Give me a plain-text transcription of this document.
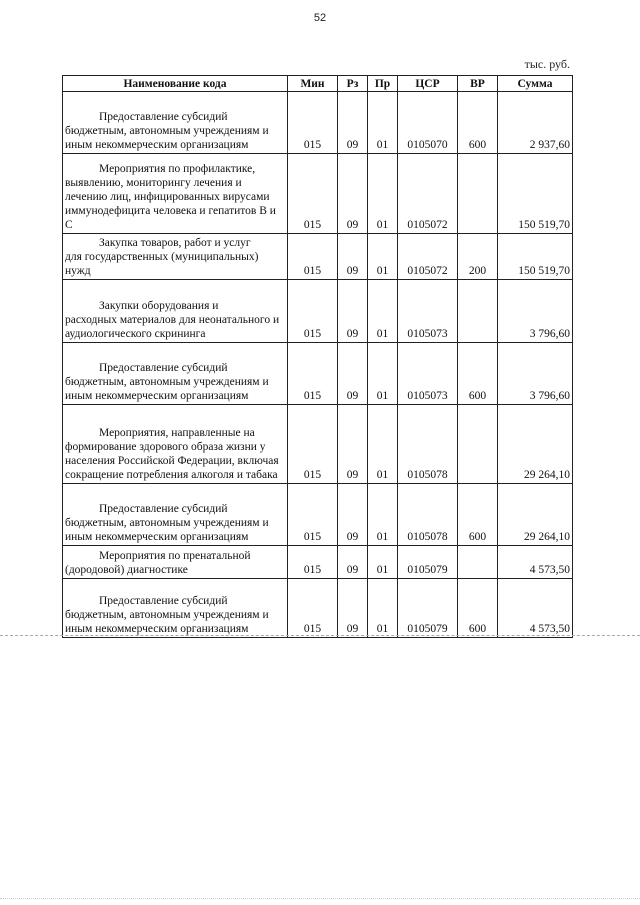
52
тыс. руб.
Наименование кода	Мин	Рз	Пр	ЦСР	ВР	Сумма

Предоставление субсидий
бюджетным, автономным учреждениям и иным некоммерческим организациям	015	09	01	0105070	600	2 937,60

Мероприятия по профилактике,
выявлению, мониторингу лечения и лечению лиц, инфицированных вирусами иммунодефицита человека и гепатитов В и С	015	09	01	0105072		150 519,70

Закупка товаров, работ и услуг
для государственных (муниципальных) нужд	015	09	01	0105072	200	150 519,70

Закупки оборудования и
расходных материалов для неонатального и аудиологического скрининга	015	09	01	0105073		3 796,60

Предоставление субсидий
бюджетным, автономным учреждениям и иным некоммерческим организациям	015	09	01	0105073	600	3 796,60

Мероприятия, направленные на
формирование здорового образа жизни у населения Российской Федерации, включая сокращение потребления алкоголя и табака	015	09	01	0105078		29 264,10

Предоставление субсидий
бюджетным, автономным учреждениям и иным некоммерческим организациям	015	09	01	0105078	600	29 264,10

Мероприятия по пренатальной
(дородовой) диагностике	015	09	01	0105079		4 573,50

Предоставление субсидий
бюджетным, автономным учреждениям и иным некоммерческим организациям	015	09	01	0105079	600	4 573,50
